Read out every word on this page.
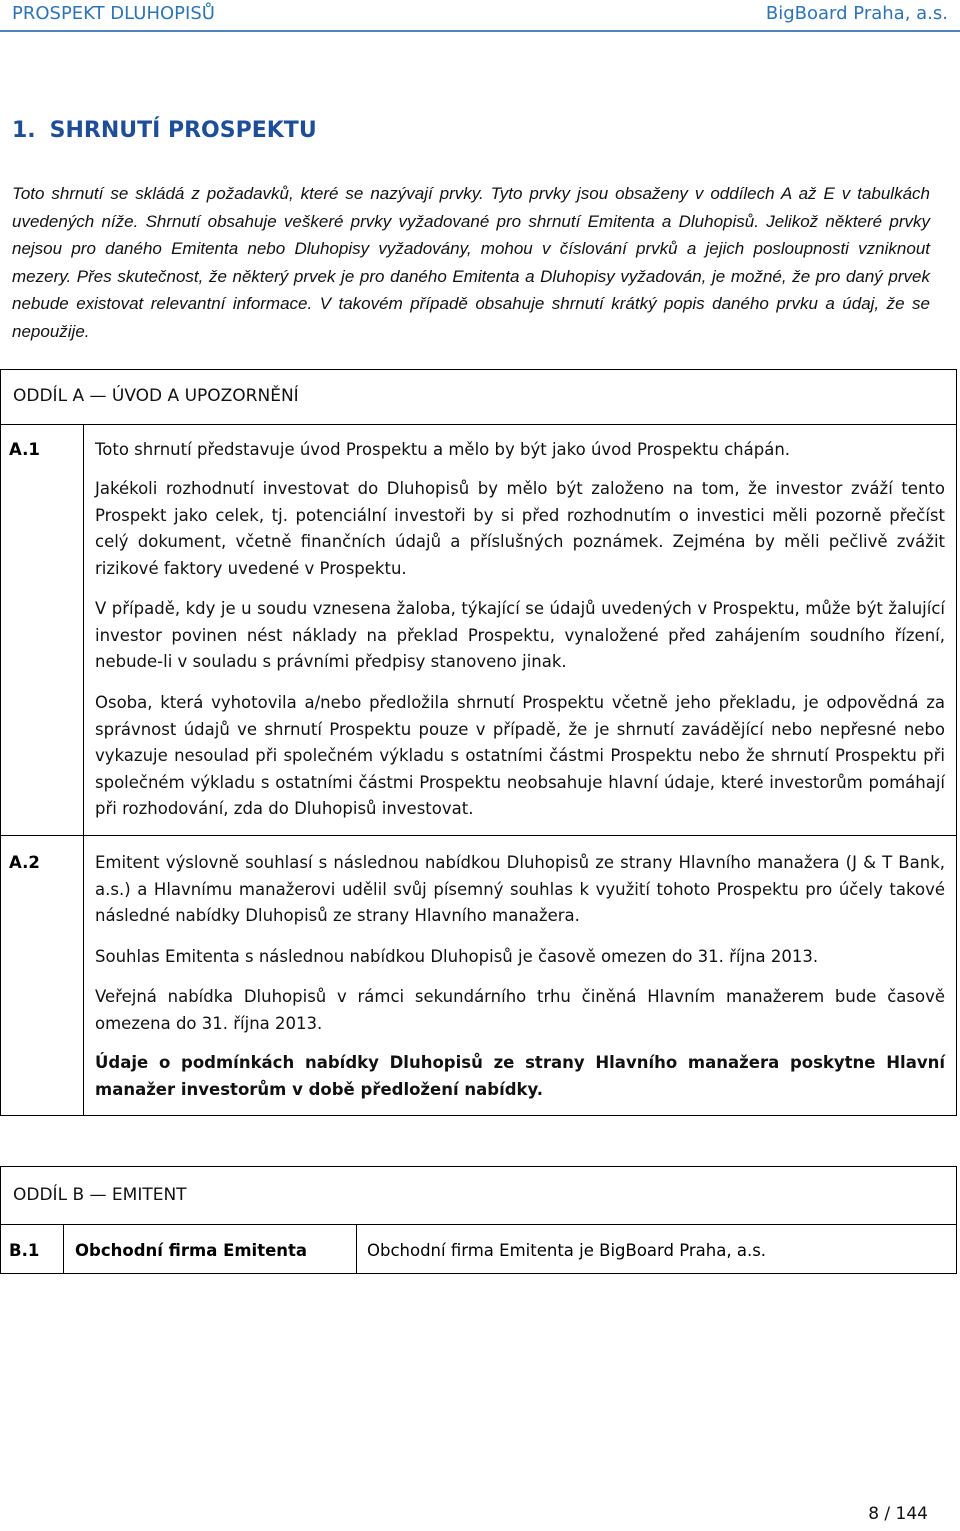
PROSPEKT DLUHOPISŮ	BigBoard Praha, a.s.
1. SHRNUTÍ PROSPEKTU
Toto shrnutí se skládá z požadavků, které se nazývají prvky. Tyto prvky jsou obsaženy v oddílech A až E v tabulkách uvedených níže. Shrnutí obsahuje veškeré prvky vyžadované pro shrnutí Emitenta a Dluhopisů. Jelikož některé prvky nejsou pro daného Emitenta nebo Dluhopisy vyžadovány, mohou v číslování prvků a jejich posloupnosti vzniknout mezery. Přes skutečnost, že některý prvek je pro daného Emitenta a Dluhopisy vyžadován, je možné, že pro daný prvek nebude existovat relevantní informace. V takovém případě obsahuje shrnutí krátký popis daného prvku a údaj, že se nepoužije.
ODDÍL A — ÚVOD A UPOZORNĚNÍ
A.1	Toto shrnutí představuje úvod Prospektu a mělo by být jako úvod Prospektu chápán.
Jakékoli rozhodnutí investovat do Dluhopisů by mělo být založeno na tom, že investor zváží tento Prospekt jako celek, tj. potenciální investoři by si před rozhodnutím o investici měli pozorně přečíst celý dokument, včetně finančních údajů a příslušných poznámek. Zejména by měli pečlivě zvážit rizikové faktory uvedené v Prospektu.
V případě, kdy je u soudu vznesena žaloba, týkající se údajů uvedených v Prospektu, může být žalující investor povinen nést náklady na překlad Prospektu, vynaložené před zahájením soudního řízení, nebude-li v souladu s právními předpisy stanoveno jinak.
Osoba, která vyhotovila a/nebo předložila shrnutí Prospektu včetně jeho překladu, je odpovědná za správnost údajů ve shrnutí Prospektu pouze v případě, že je shrnutí zavádějící nebo nepřesné nebo vykazuje nesoulad při společném výkladu s ostatními částmi Prospektu nebo že shrnutí Prospektu při společném výkladu s ostatními částmi Prospektu neobsahuje hlavní údaje, které investorům pomáhají při rozhodování, zda do Dluhopisů investovat.
A.2	Emitent výslovně souhlasí s následnou nabídkou Dluhopisů ze strany Hlavního manažera (J & T Bank, a.s.) a Hlavnímu manažerovi udělil svůj písemný souhlas k využití tohoto Prospektu pro účely takové následné nabídky Dluhopisů ze strany Hlavního manažera.
Souhlas Emitenta s následnou nabídkou Dluhopisů je časově omezen do 31. října 2013.
Veřejná nabídka Dluhopisů v rámci sekundárního trhu činěná Hlavním manažerem bude časově omezena do 31. října 2013.
Údaje o podmínkách nabídky Dluhopisů ze strany Hlavního manažera poskytne Hlavní manažer investorům v době předložení nabídky.
ODDÍL B — EMITENT
B.1 Obchodní firma Emitenta	Obchodní firma Emitenta je BigBoard Praha, a.s.
8 / 144
